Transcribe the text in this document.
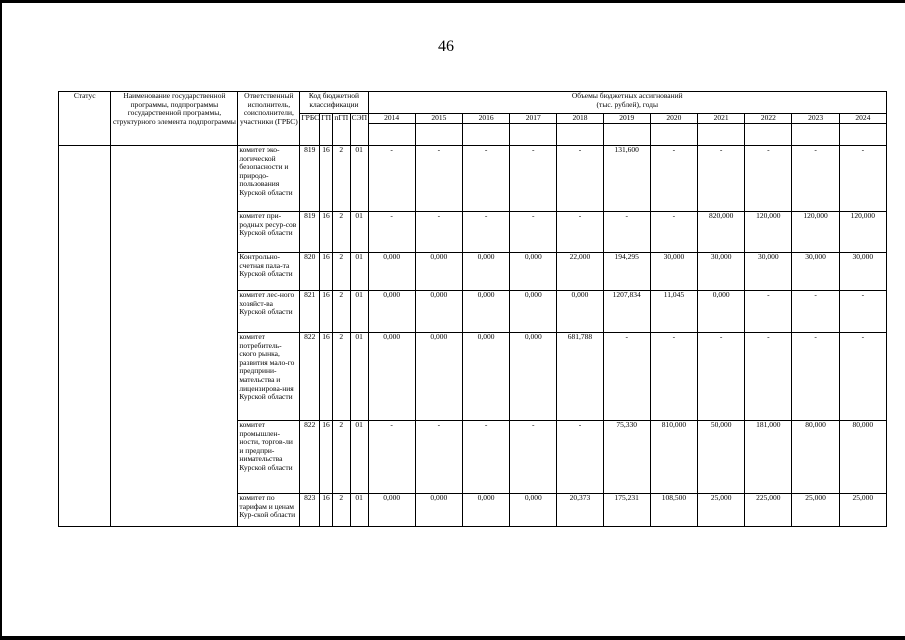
46
Статус	Наименование государственной программы, подпрограммы государственной программы, структурного элемента подпрограммы	Ответственный исполнитель, соисполнители, участники (ГРБС)	Код бюджетной классификации				Объемы бюджетных ассигнований
(тыс. рублей), годы										

			ГРБС	ГП	пГП	СЭП	2014	2015	2016	2017	2018	2019	2020	2021	2022	2023	2024

		комитет эко-логической безопасности и природо-пользования Курской области	819	16	2	01	-	-	-	-	-	131,600	-	-	-	-	-
		комитет при-родных ресур-сов Курской области	819	16	2	01	-	-	-	-	-	-	-	820,000	120,000	120,000	120,000
		Контрольно-счетная пала-та Курской области	820	16	2	01	0,000	0,000	0,000	0,000	22,000	194,295	30,000	30,000	30,000	30,000	30,000
		комитет лес-ного хозяйст-ва Курской области	821	16	2	01	0,000	0,000	0,000	0,000	0,000	1207,834	11,045	0,000	-	-	-
		комитет потребитель-ского рынка, развития мало-го предприни-мательства и лицензирова-ния Курской области	822	16	2	01	0,000	0,000	0,000	0,000	681,788	-	-	-	-	-	-
		комитет промышлен-ности, торгов-ли и предпри-нимательства Курской области	822	16	2	01	-	-	-	-	-	75,330	810,000	50,000	181,000	80,000	80,000
		комитет по тарифам и ценам Кур-ской области	823	16	2	01	0,000	0,000	0,000	0,000	20,373	175,231	108,500	25,000	225,000	25,000	25,000
